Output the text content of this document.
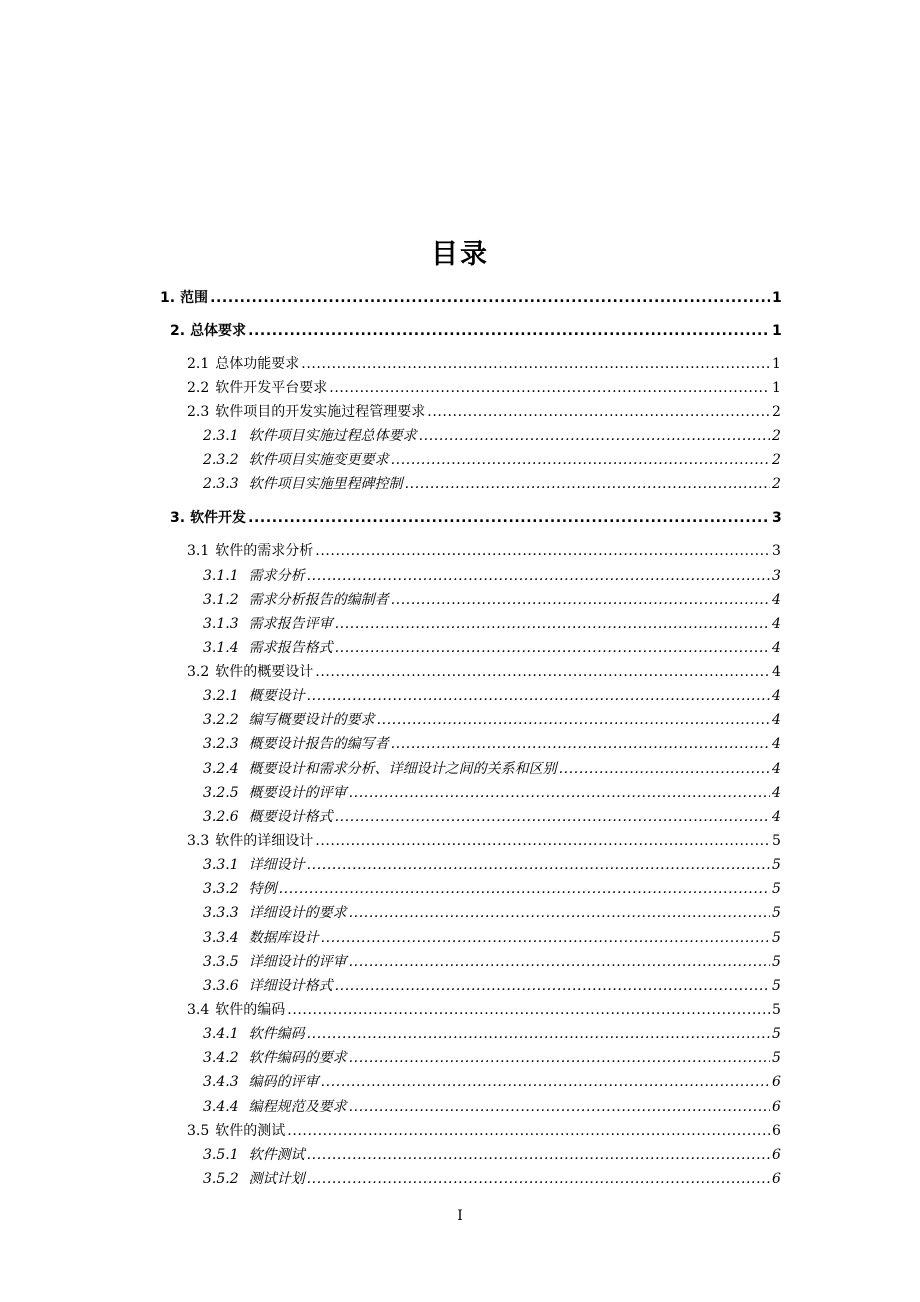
目录
1. 范围 .....	1
2. 总体要求 .....	1
2.1 总体功能要求 .....	1
2.2 软件开发平台要求 .....	1
2.3 软件项目的开发实施过程管理要求 .....	2
2.3.1 软件项目实施过程总体要求 .....	2
2.3.2 软件项目实施变更要求 .....	2
2.3.3 软件项目实施里程碑控制 .....	2
3. 软件开发 .....	3
3.1 软件的需求分析 .....	3
3.1.1 需求分析 .....	3
3.1.2 需求分析报告的编制者 .....	4
3.1.3 需求报告评审 .....	4
3.1.4 需求报告格式 .....	4
3.2 软件的概要设计 .....	4
3.2.1 概要设计 .....	4
3.2.2 编写概要设计的要求 .....	4
3.2.3 概要设计报告的编写者 .....	4
3.2.4 概要设计和需求分析、详细设计之间的关系和区别 .....	4
3.2.5 概要设计的评审 .....	4
3.2.6 概要设计格式 .....	4
3.3 软件的详细设计 .....	5
3.3.1 详细设计 .....	5
3.3.2 特例 .....	5
3.3.3 详细设计的要求 .....	5
3.3.4 数据库设计 .....	5
3.3.5 详细设计的评审 .....	5
3.3.6 详细设计格式 .....	5
3.4 软件的编码 .....	5
3.4.1 软件编码 .....	5
3.4.2 软件编码的要求 .....	5
3.4.3 编码的评审 .....	6
3.4.4 编程规范及要求 .....	6
3.5 软件的测试 .....	6
3.5.1 软件测试 .....	6
3.5.2 测试计划 .....	6
I
